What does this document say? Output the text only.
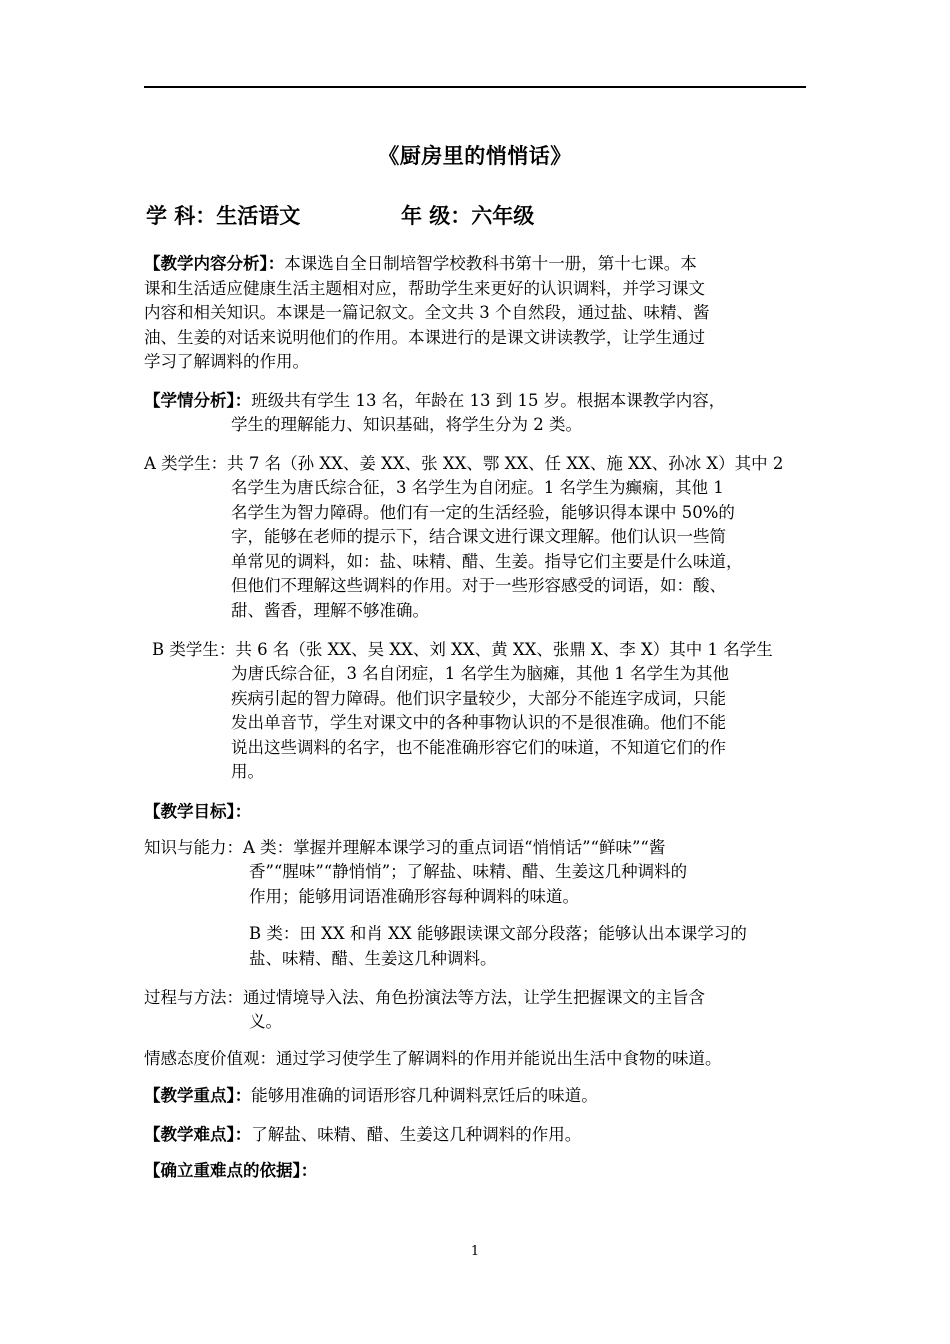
《厨房里的悄悄话》
学 科：生活语文	年 级：六年级
【教学内容分析】：本课选自全日制培智学校教科书第十一册，第十七课。本
课和生活适应健康生活主题相对应，帮助学生来更好的认识调料，并学习课文
内容和相关知识。本课是一篇记叙文。全文共 3 个自然段，通过盐、味精、酱
油、生姜的对话来说明他们的作用。本课进行的是课文讲读教学，让学生通过
学习了解调料的作用。
【学情分析】：班级共有学生 13 名，年龄在 13 到 15 岁。根据本课教学内容，
学生的理解能力、知识基础，将学生分为 2 类。
A 类学生：共 7 名（孙 XX、姜 XX、张 XX、鄂 XX、任 XX、施 XX、孙冰 X）其中 2
名学生为唐氏综合征，3 名学生为自闭症。1 名学生为癫痫，其他 1
名学生为智力障碍。他们有一定的生活经验，能够识得本课中 50%的
字，能够在老师的提示下，结合课文进行课文理解。他们认识一些简
单常见的调料，如：盐、味精、醋、生姜。指导它们主要是什么味道，
但他们不理解这些调料的作用。对于一些形容感受的词语，如：酸、
甜、酱香，理解不够准确。
B 类学生：共 6 名（张 XX、吴 XX、刘 XX、黄 XX、张鼎 X、李 X）其中 1 名学生
为唐氏综合征，3 名自闭症，1 名学生为脑瘫，其他 1 名学生为其他
疾病引起的智力障碍。他们识字量较少，大部分不能连字成词，只能
发出单音节，学生对课文中的各种事物认识的不是很准确。他们不能
说出这些调料的名字，也不能准确形容它们的味道，不知道它们的作
用。
【教学目标】：
知识与能力：A 类：掌握并理解本课学习的重点词语“悄悄话”“鲜味”“酱
香”“腥味”“静悄悄”；了解盐、味精、醋、生姜这几种调料的
作用；能够用词语准确形容每种调料的味道。
B 类：田 XX 和肖 XX 能够跟读课文部分段落；能够认出本课学习的
盐、味精、醋、生姜这几种调料。
过程与方法：通过情境导入法、角色扮演法等方法，让学生把握课文的主旨含
义。
情感态度价值观：通过学习使学生了解调料的作用并能说出生活中食物的味道。
【教学重点】：能够用准确的词语形容几种调料烹饪后的味道。
【教学难点】：了解盐、味精、醋、生姜这几种调料的作用。
【确立重难点的依据】：
1
